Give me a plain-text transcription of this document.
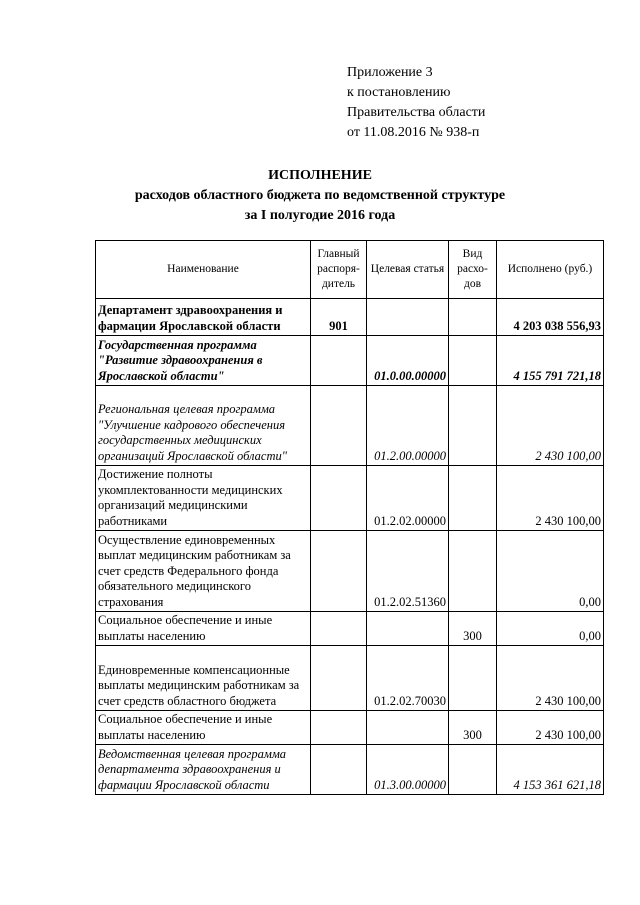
Приложение 3
к постановлению
Правительства области
от 11.08.2016 № 938-п
ИСПОЛНЕНИЕ
расходов областного бюджета по ведомственной структуре
за I полугодие 2016 года
Наименование	Главный распоря-дитель	Целевая статья	Вид расхо-дов	Исполнено (руб.)
Департамент здравоохранения и фармации Ярославской области	901			4 203 038 556,93
Государственная программа "Развитие здравоохранения в Ярославской области"		01.0.00.00000		4 155 791 721,18
Региональная целевая программа "Улучшение кадрового обеспечения государственных медицинских организаций Ярославской области"		01.2.00.00000		2 430 100,00
Достижение полноты укомплектованности медицинских организаций медицинскими работниками		01.2.02.00000		2 430 100,00
Осуществление единовременных выплат медицинским работникам за счет средств Федерального фонда обязательного медицинского страхования		01.2.02.51360		0,00
Социальное обеспечение и иные выплаты населению			300	0,00
Единовременные компенсационные выплаты медицинским работникам за счет средств областного бюджета		01.2.02.70030		2 430 100,00
Социальное обеспечение и иные выплаты населению			300	2 430 100,00
Ведомственная целевая программа департамента здравоохранения и фармации Ярославской области		01.3.00.00000		4 153 361 621,18
